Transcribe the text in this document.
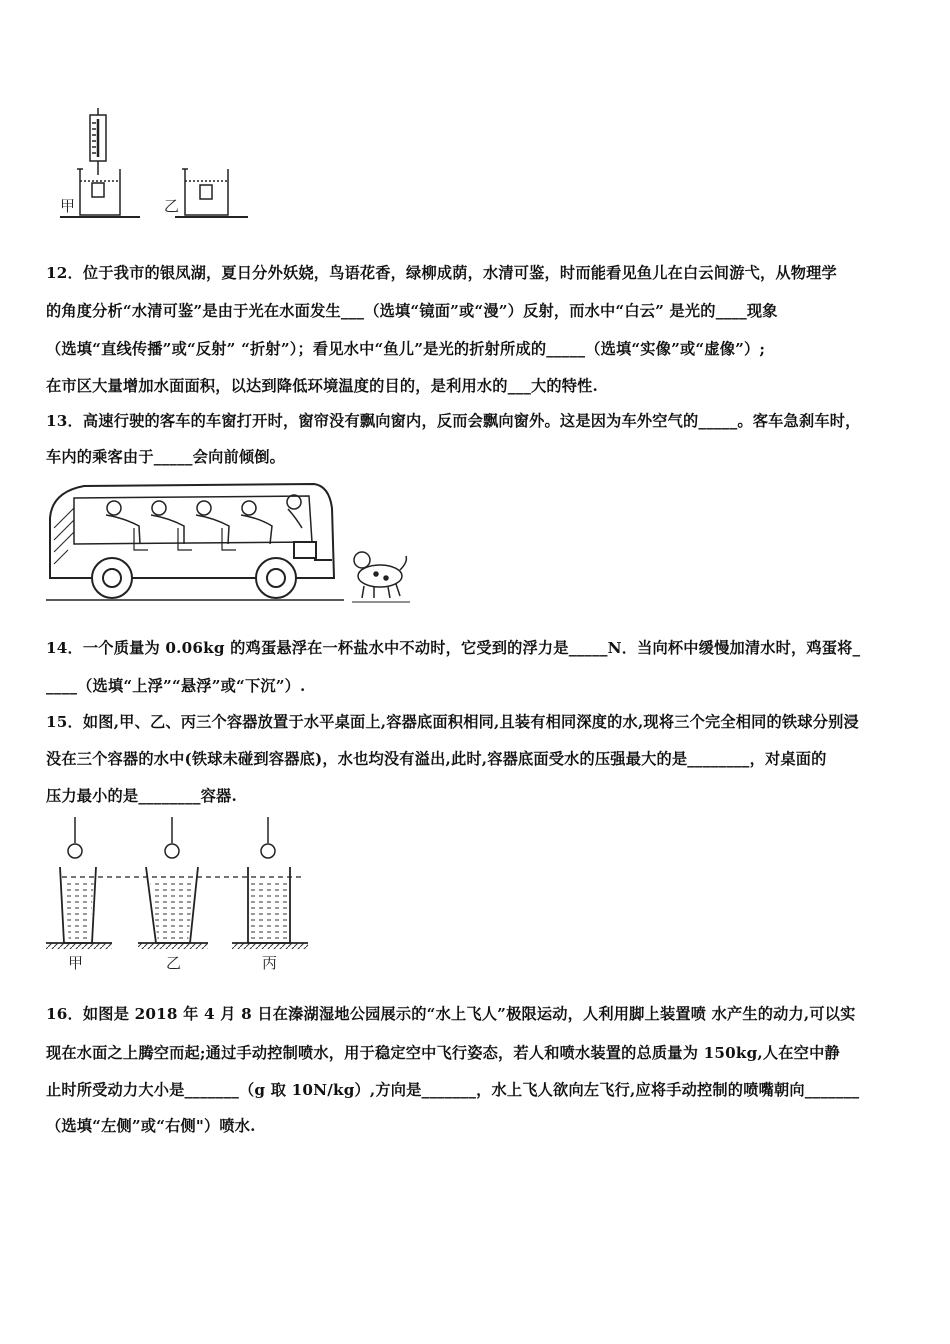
甲	乙
12．位于我市的银凤湖，夏日分外妖娆，鸟语花香，绿柳成荫，水清可鉴，时而能看见鱼儿在白云间游弋，从物理学
的角度分析“水清可鉴”是由于光在水面发生___（选填“镜面”或“漫”）反射，而水中“白云” 是光的____现象
（选填“直线传播”或“反射” “折射”）；看见水中“鱼儿”是光的折射所成的_____（选填“实像”或“虚像”）;
在市区大量增加水面面积，以达到降低环境温度的目的，是利用水的___大的特性.
13．高速行驶的客车的车窗打开时，窗帘没有飘向窗内，反而会飘向窗外。这是因为车外空气的_____。客车急刹车时，
车内的乘客由于_____会向前倾倒。
14．一个质量为 0.06kg 的鸡蛋悬浮在一杯盐水中不动时，它受到的浮力是_____N．当向杯中缓慢加清水时，鸡蛋将_
____（选填“上浮”“悬浮”或“下沉”）.
15．如图,甲、乙、丙三个容器放置于水平桌面上,容器底面积相同,且装有相同深度的水,现将三个完全相同的铁球分别浸
没在三个容器的水中(铁球未碰到容器底)，水也均没有溢出,此时,容器底面受水的压强最大的是________，对桌面的
压力最小的是________容器.
甲	乙	丙
16．如图是 2018 年 4 月 8 日在溱湖湿地公园展示的“水上飞人”极限运动，人利用脚上装置喷 水产生的动力,可以实
现在水面之上腾空而起;通过手动控制喷水，用于稳定空中飞行姿态，若人和喷水装置的总质量为 150kg,人在空中静
止时所受动力大小是_______（g 取 10N/kg）,方向是_______，水上飞人欲向左飞行,应将手动控制的喷嘴朝向_______
（选填“左侧”或“右侧"）喷水.
